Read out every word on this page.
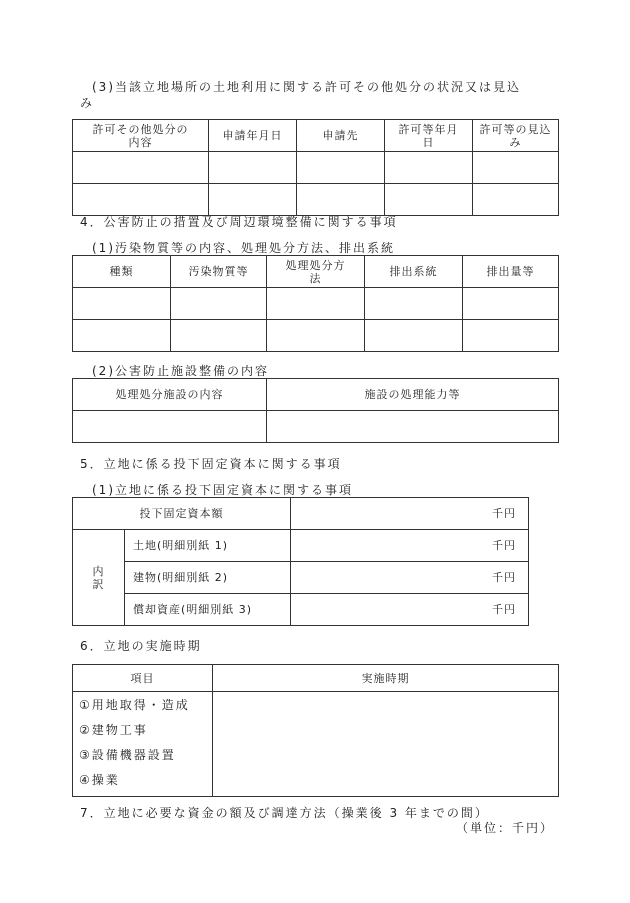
(3)当該立地場所の土地利用に関する許可その他処分の状況又は見込
み
許可その他処分の
内容	申請年月日	申請先	許可等年月
日	許可等の見込
み

4．公害防止の措置及び周辺環境整備に関する事項
(1)汚染物質等の内容、処理処分方法、排出系統
種類	汚染物質等	処理処分方
法	排出系統	排出量等

(2)公害防止施設整備の内容
処理処分施設の内容	施設の処理能力等

5．立地に係る投下固定資本に関する事項
(1)立地に係る投下固定資本に関する事項
投下固定資本額		千円
内
訳	土地(明細別紙 1)	千円
	建物(明細別紙 2)	千円
	償却資産(明細別紙 3)	千円
6．立地の実施時期
項目	実施時期

①用地取得・造成
②建物工事
③設備機器設置
④操業	

7．立地に必要な資金の額及び調達方法（操業後 3 年までの間）
（単位：千円）
